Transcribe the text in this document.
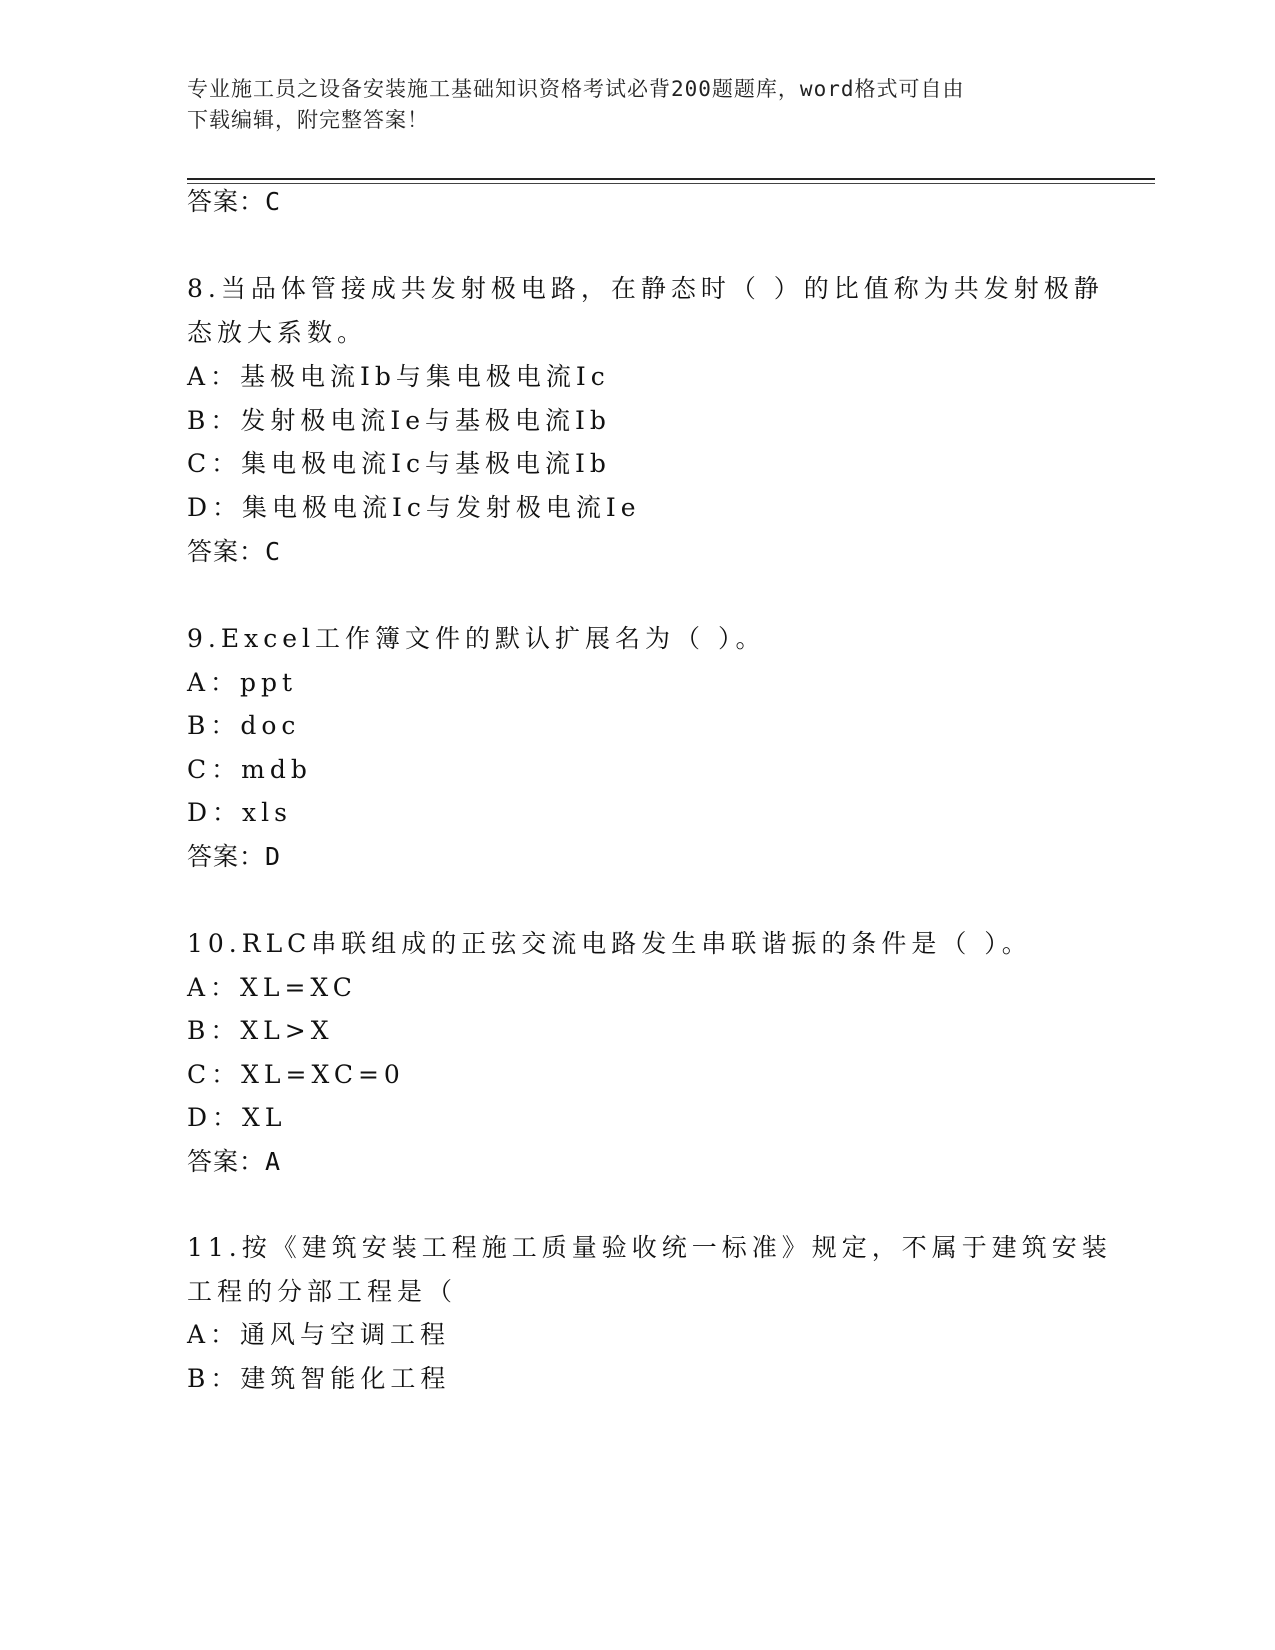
专业施工员之设备安装施工基础知识资格考试必背200题题库，word格式可自由
下载编辑，附完整答案！
答案：C
8.当品体管接成共发射极电路，在静态时（ ）的比值称为共发射极静
态放大系数。
A：基极电流Ib与集电极电流Ic
B：发射极电流Ie与基极电流Ib
C：集电极电流Ic与基极电流Ib
D：集电极电流Ic与发射极电流Ie
答案：C
9.Excel工作簿文件的默认扩展名为（ ）。
A：ppt
B：doc
C：mdb
D：xls
答案：D
10.RLC串联组成的正弦交流电路发生串联谐振的条件是（ ）。
A：XL=XC
B：XL>X
C：XL=XC=0
D：XL
答案：A
11.按《建筑安装工程施工质量验收统一标准》规定，不属于建筑安装
工程的分部工程是（
A：通风与空调工程
B：建筑智能化工程
